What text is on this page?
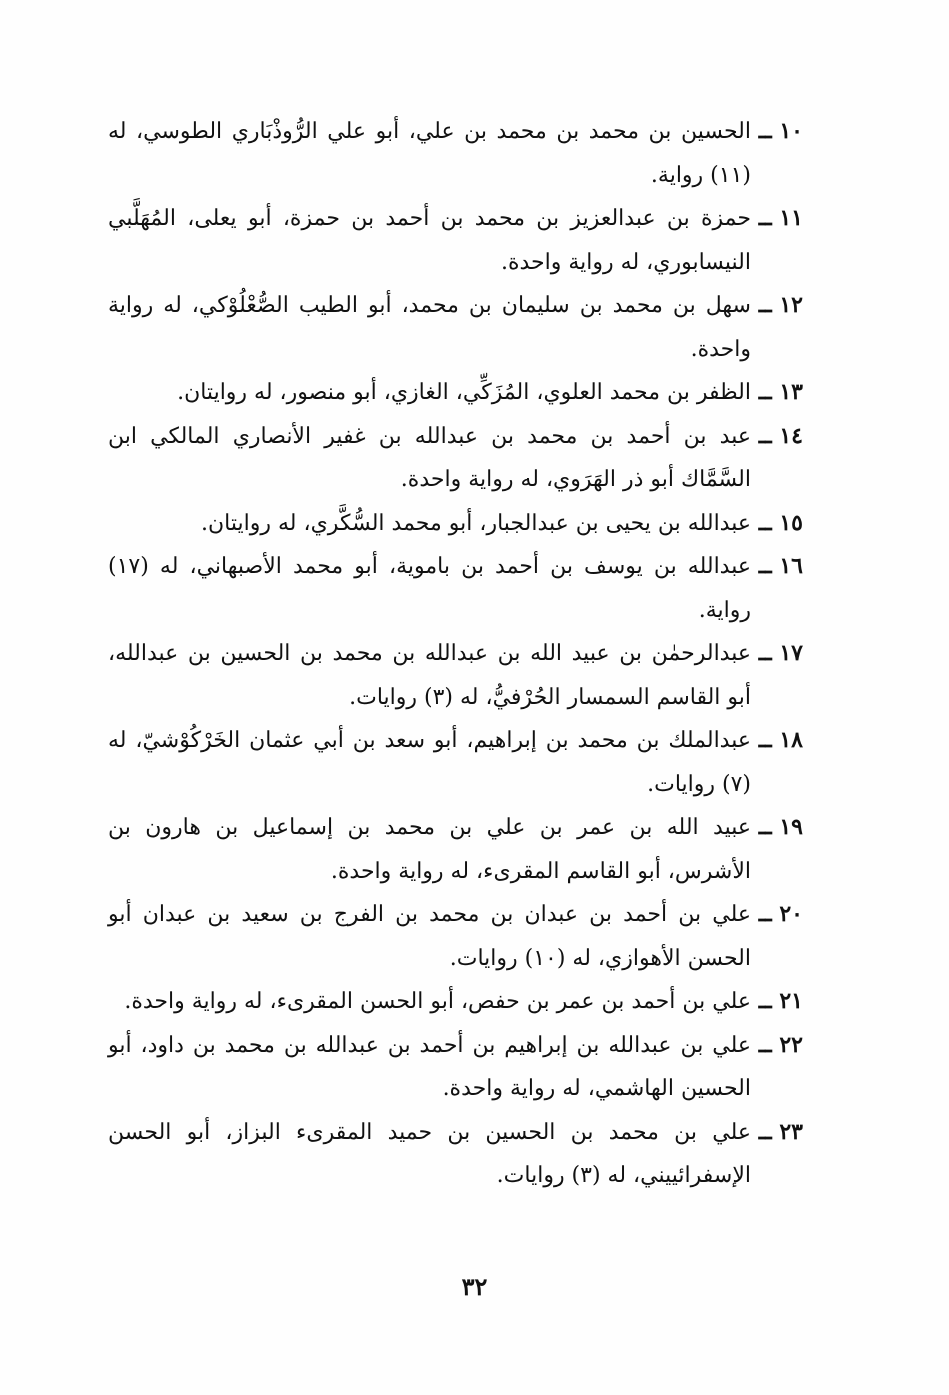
١٠ ــ
الحسين بن محمد بن محمد بن علي، أبو علي الرُّوذْبَاري الطوسي، له (١١) رواية.
١١ ــ
حمزة بن عبدالعزيز بن محمد بن أحمد بن حمزة، أبو يعلى، المُهَلَّبي النيسابوري، له رواية واحدة.
١٢ ــ
سهل بن محمد بن سليمان بن محمد، أبو الطيب الصُّعْلُوْكي، له رواية واحدة.
١٣ ــ
الظفر بن محمد العلوي، المُزَكِّي، الغازي، أبو منصور، له روايتان.
١٤ ــ
عبد بن أحمد بن محمد بن عبدالله بن غفير الأنصاري المالكي ابن السَّمَّاك أبو ذر الهَرَوي، له رواية واحدة.
١٥ ــ
عبدالله بن يحيى بن عبدالجبار، أبو محمد السُّكَّري، له روايتان.
١٦ ــ
عبدالله بن يوسف بن أحمد بن باموية، أبو محمد الأصبهاني، له (١٧) رواية.
١٧ ــ
عبدالرحمٰن بن عبيد الله بن عبدالله بن محمد بن الحسين بن عبدالله، أبو القاسم السمسار الحُرْفيُّ، له (٣) روايات.
١٨ ــ
عبدالملك بن محمد بن إبراهيم، أبو سعد بن أبي عثمان الخَرْكُوْشيّ، له (٧) روايات.
١٩ ــ
عبيد الله بن عمر بن علي بن محمد بن إسماعيل بن هارون بن الأشرس، أبو القاسم المقرىء، له رواية واحدة.
٢٠ ــ
علي بن أحمد بن عبدان بن محمد بن الفرج بن سعيد بن عبدان أبو الحسن الأهوازي، له (١٠) روايات.
٢١ ــ
علي بن أحمد بن عمر بن حفص، أبو الحسن المقرىء، له رواية واحدة.
٢٢ ــ
علي بن عبدالله بن إبراهيم بن أحمد بن عبدالله بن محمد بن داود، أبو الحسين الهاشمي، له رواية واحدة.
٢٣ ــ
علي بن محمد بن الحسين بن حميد المقرىء البزاز، أبو الحسن الإسفرائييني، له (٣) روايات.
٣٢
